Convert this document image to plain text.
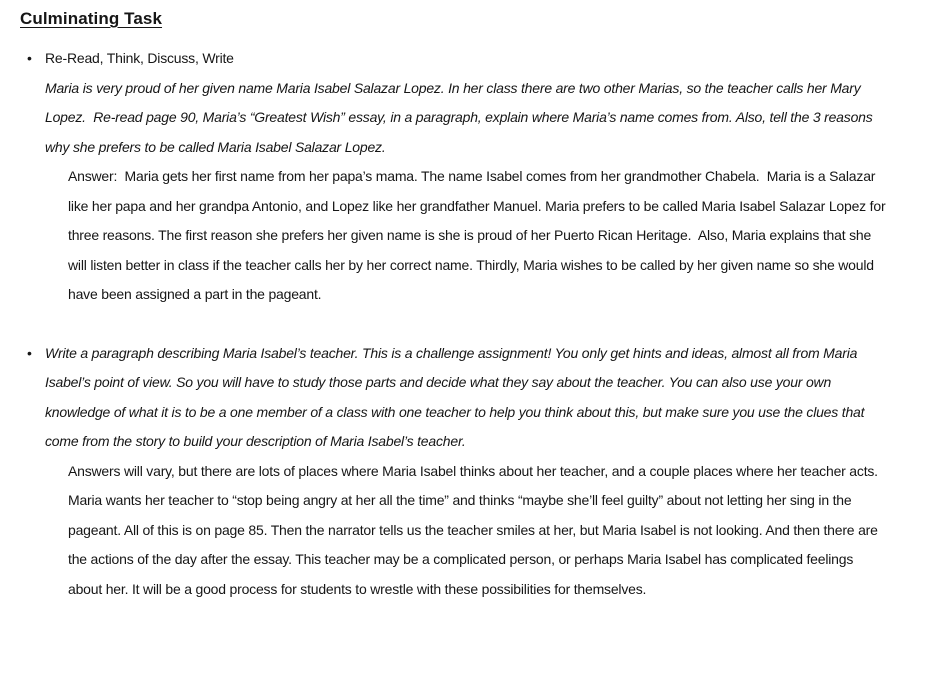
Culminating Task
• Re-Read, Think, Discuss, Write
Maria is very proud of her given name Maria Isabel Salazar Lopez. In her class there are two other Marias, so the teacher calls her Mary Lopez.  Re-read page 90, Maria’s “Greatest Wish” essay, in a paragraph, explain where Maria’s name comes from. Also, tell the 3 reasons why she prefers to be called Maria Isabel Salazar Lopez.
Answer:  Maria gets her first name from her papa’s mama. The name Isabel comes from her grandmother Chabela.  Maria is a Salazar like her papa and her grandpa Antonio, and Lopez like her grandfather Manuel. Maria prefers to be called Maria Isabel Salazar Lopez for three reasons. The first reason she prefers her given name is she is proud of her Puerto Rican Heritage.  Also, Maria explains that she will listen better in class if the teacher calls her by her correct name. Thirdly, Maria wishes to be called by her given name so she would have been assigned a part in the pageant.
• Write a paragraph describing Maria Isabel’s teacher. This is a challenge assignment! You only get hints and ideas, almost all from Maria Isabel’s point of view. So you will have to study those parts and decide what they say about the teacher. You can also use your own knowledge of what it is to be a one member of a class with one teacher to help you think about this, but make sure you use the clues that come from the story to build your description of Maria Isabel’s teacher.
Answers will vary, but there are lots of places where Maria Isabel thinks about her teacher, and a couple places where her teacher acts. Maria wants her teacher to “stop being angry at her all the time” and thinks “maybe she’ll feel guilty” about not letting her sing in the pageant. All of this is on page 85. Then the narrator tells us the teacher smiles at her, but Maria Isabel is not looking. And then there are the actions of the day after the essay. This teacher may be a complicated person, or perhaps Maria Isabel has complicated feelings about her. It will be a good process for students to wrestle with these possibilities for themselves.
